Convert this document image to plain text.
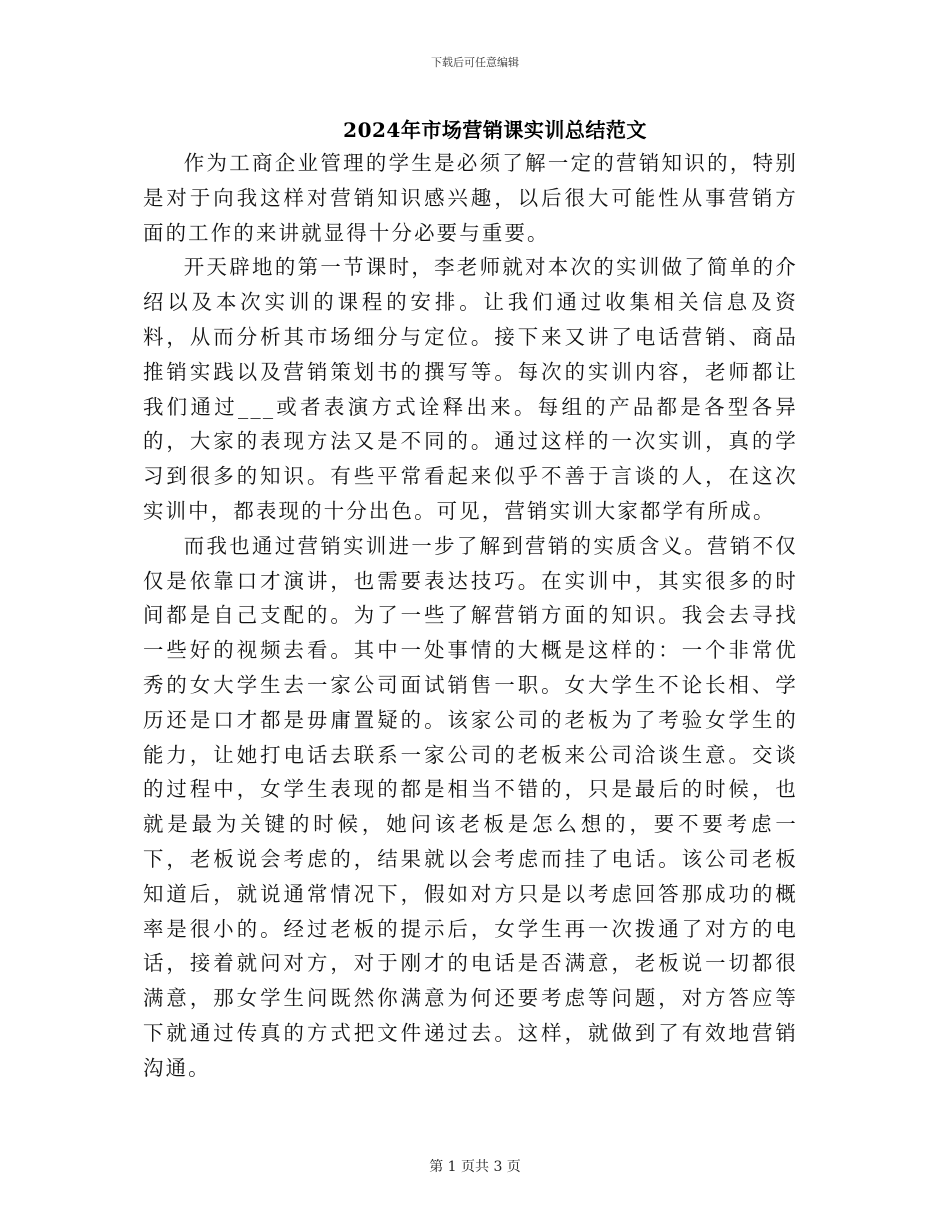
下载后可任意编辑
2024年市场营销课实训总结范文

作为工商企业管理的学生是必须了解一定的营销知识的，特别是对于向我这样对营销知识感兴趣，以后很大可能性从事营销方面的工作的来讲就显得十分必要与重要。

开天辟地的第一节课时，李老师就对本次的实训做了简单的介绍以及本次实训的课程的安排。让我们通过收集相关信息及资料，从而分析其市场细分与定位。接下来又讲了电话营销、商品推销实践以及营销策划书的撰写等。每次的实训内容，老师都让我们通过___或者表演方式诠释出来。每组的产品都是各型各异的，大家的表现方法又是不同的。通过这样的一次实训，真的学习到很多的知识。有些平常看起来似乎不善于言谈的人，在这次实训中，都表现的十分出色。可见，营销实训大家都学有所成。

而我也通过营销实训进一步了解到营销的实质含义。营销不仅仅是依靠口才演讲，也需要表达技巧。在实训中，其实很多的时间都是自己支配的。为了一些了解营销方面的知识。我会去寻找一些好的视频去看。其中一处事情的大概是这样的：一个非常优秀的女大学生去一家公司面试销售一职。女大学生不论长相、学历还是口才都是毋庸置疑的。该家公司的老板为了考验女学生的能力，让她打电话去联系一家公司的老板来公司洽谈生意。交谈的过程中，女学生表现的都是相当不错的，只是最后的时候，也就是最为关键的时候，她问该老板是怎么想的，要不要考虑一下，老板说会考虑的，结果就以会考虑而挂了电话。该公司老板知道后，就说通常情况下，假如对方只是以考虑回答那成功的概率是很小的。经过老板的提示后，女学生再一次拨通了对方的电话，接着就问对方，对于刚才的电话是否满意，老板说一切都很满意，那女学生问既然你满意为何还要考虑等问题，对方答应等下就通过传真的方式把文件递过去。这样，就做到了有效地营销沟通。

第 1 页共 3 页
